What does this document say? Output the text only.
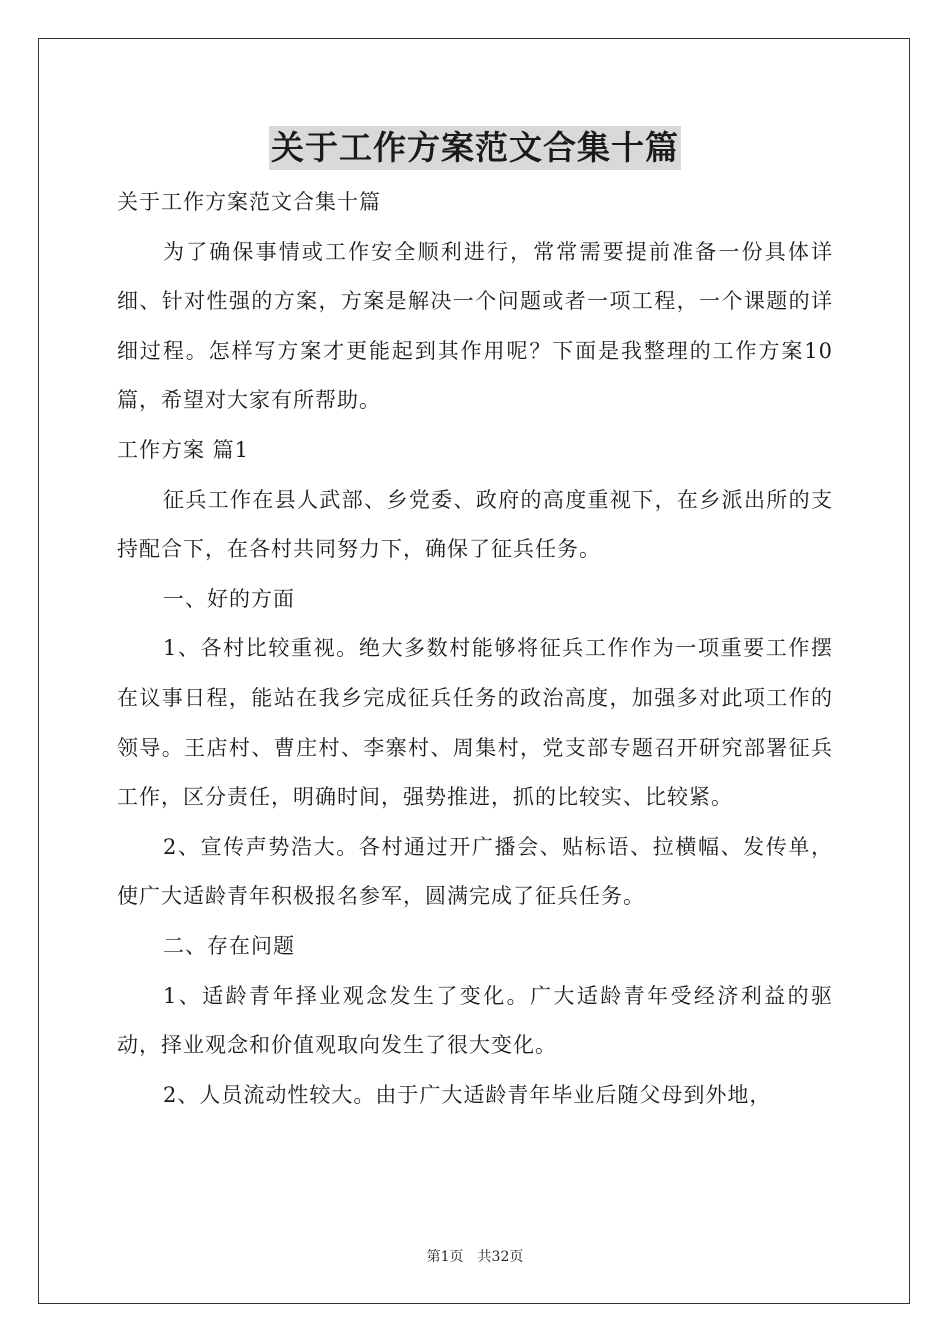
关于工作方案范文合集十篇

关于工作方案范文合集十篇

为了确保事情或工作安全顺利进行，常常需要提前准备一份具体详细、针对性强的方案，方案是解决一个问题或者一项工程，一个课题的详细过程。怎样写方案才更能起到其作用呢？下面是我整理的工作方案10篇，希望对大家有所帮助。

工作方案 篇1

征兵工作在县人武部、乡党委、政府的高度重视下，在乡派出所的支持配合下，在各村共同努力下，确保了征兵任务。

一、好的方面

1、各村比较重视。绝大多数村能够将征兵工作作为一项重要工作摆在议事日程，能站在我乡完成征兵任务的政治高度，加强多对此项工作的领导。王店村、曹庄村、李寨村、周集村，党支部专题召开研究部署征兵工作，区分责任，明确时间，强势推进，抓的比较实、比较紧。

2、宣传声势浩大。各村通过开广播会、贴标语、拉横幅、发传单，使广大适龄青年积极报名参军，圆满完成了征兵任务。

二、存在问题

1、适龄青年择业观念发生了变化。广大适龄青年受经济利益的驱动，择业观念和价值观取向发生了很大变化。

2、人员流动性较大。由于广大适龄青年毕业后随父母到外地，

第1页　共32页
